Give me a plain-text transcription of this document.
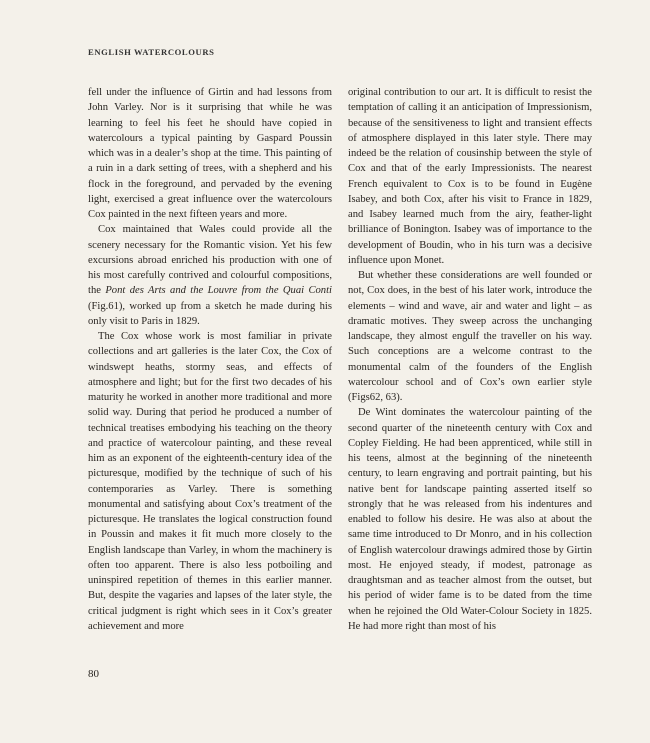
ENGLISH WATERCOLOURS

fell under the influence of Girtin and had lessons from John Varley. Nor is it surprising that while he was learning to feel his feet he should have copied in watercolours a typical painting by Gaspard Poussin which was in a dealer’s shop at the time. This painting of a ruin in a dark setting of trees, with a shepherd and his flock in the foreground, and pervaded by the evening light, exercised a great influence over the watercolours Cox painted in the next fifteen years and more.

Cox maintained that Wales could provide all the scenery necessary for the Romantic vision. Yet his few excursions abroad enriched his production with one of his most carefully contrived and colourful compositions, the Pont des Arts and the Louvre from the Quai Conti (Fig.61), worked up from a sketch he made during his only visit to Paris in 1829.

The Cox whose work is most familiar in private collections and art galleries is the later Cox, the Cox of windswept heaths, stormy seas, and effects of atmosphere and light; but for the first two decades of his maturity he worked in another more traditional and more solid way. During that period he produced a number of technical treatises embodying his teaching on the theory and practice of watercolour painting, and these reveal him as an exponent of the eighteenth-century idea of the picturesque, modified by the technique of such of his contemporaries as Varley. There is something monumental and satisfying about Cox’s treatment of the picturesque. He translates the logical construction found in Poussin and makes it fit much more closely to the English landscape than Varley, in whom the machinery is often too apparent. There is also less potboiling and uninspired repetition of themes in this earlier manner. But, despite the vagaries and lapses of the later style, the critical judgment is right which sees in it Cox’s greater achievement and more

original contribution to our art. It is difficult to resist the temptation of calling it an anticipation of Impressionism, because of the sensitiveness to light and transient effects of atmosphere displayed in this later style. There may indeed be the relation of cousinship between the style of Cox and that of the early Impressionists. The nearest French equivalent to Cox is to be found in Eugène Isabey, and both Cox, after his visit to France in 1829, and Isabey learned much from the airy, feather-light brilliance of Bonington. Isabey was of importance to the development of Boudin, who in his turn was a decisive influence upon Monet.

But whether these considerations are well founded or not, Cox does, in the best of his later work, introduce the elements – wind and wave, air and water and light – as dramatic motives. They sweep across the unchanging landscape, they almost engulf the traveller on his way. Such conceptions are a welcome contrast to the monumental calm of the founders of the English watercolour school and of Cox’s own earlier style (Figs62, 63).

De Wint dominates the watercolour painting of the second quarter of the nineteenth century with Cox and Copley Fielding. He had been apprenticed, while still in his teens, almost at the beginning of the nineteenth century, to learn engraving and portrait painting, but his native bent for landscape painting asserted itself so strongly that he was released from his indentures and enabled to follow his desire. He was also at about the same time introduced to Dr Monro, and in his collection of English watercolour drawings admired those by Girtin most. He enjoyed steady, if modest, patronage as draughtsman and as teacher almost from the outset, but his period of wider fame is to be dated from the time when he rejoined the Old Water-Colour Society in 1825. He had more right than most of his

80
